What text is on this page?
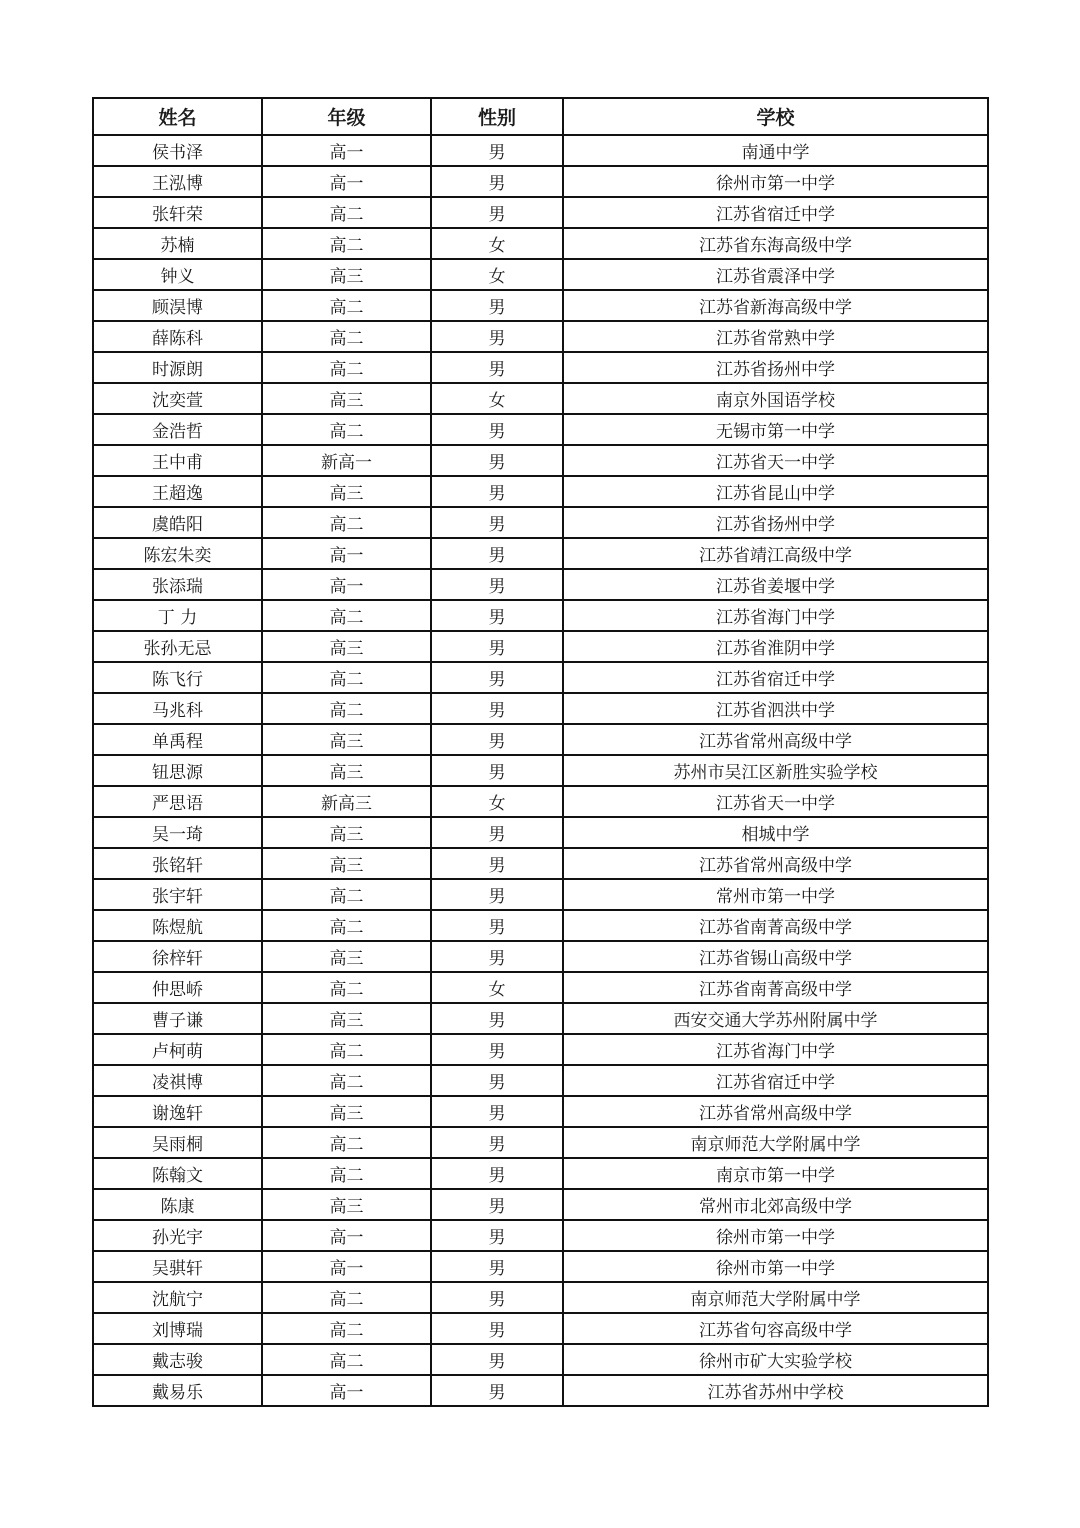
姓名	年级	性别	学校
侯书泽	高一	男	南通中学
王泓博	高一	男	徐州市第一中学
张轩荣	高二	男	江苏省宿迁中学
苏楠	高二	女	江苏省东海高级中学
钟义	高三	女	江苏省震泽中学
顾淏博	高二	男	江苏省新海高级中学
薛陈科	高二	男	江苏省常熟中学
时源朗	高二	男	江苏省扬州中学
沈奕萱	高三	女	南京外国语学校
金浩哲	高二	男	无锡市第一中学
王中甫	新高一	男	江苏省天一中学
王超逸	高三	男	江苏省昆山中学
虞皓阳	高二	男	江苏省扬州中学
陈宏朱奕	高一	男	江苏省靖江高级中学
张添瑞	高一	男	江苏省姜堰中学
丁 力	高二	男	江苏省海门中学
张孙无忌	高三	男	江苏省淮阴中学
陈飞行	高二	男	江苏省宿迁中学
马兆科	高二	男	江苏省泗洪中学
单禹程	高三	男	江苏省常州高级中学
钮思源	高三	男	苏州市吴江区新胜实验学校
严思语	新高三	女	江苏省天一中学
吴一琦	高三	男	相城中学
张铭轩	高三	男	江苏省常州高级中学
张宇轩	高二	男	常州市第一中学
陈煜航	高二	男	江苏省南菁高级中学
徐梓轩	高三	男	江苏省锡山高级中学
仲思峤	高二	女	江苏省南菁高级中学
曹子谦	高三	男	西安交通大学苏州附属中学
卢柯萌	高二	男	江苏省海门中学
凌祺博	高二	男	江苏省宿迁中学
谢逸轩	高三	男	江苏省常州高级中学
吴雨桐	高二	男	南京师范大学附属中学
陈翰文	高二	男	南京市第一中学
陈康	高三	男	常州市北郊高级中学
孙光宇	高一	男	徐州市第一中学
吴骐轩	高一	男	徐州市第一中学
沈航宁	高二	男	南京师范大学附属中学
刘博瑞	高二	男	江苏省句容高级中学
戴志骏	高二	男	徐州市矿大实验学校
戴易乐	高一	男	江苏省苏州中学校
